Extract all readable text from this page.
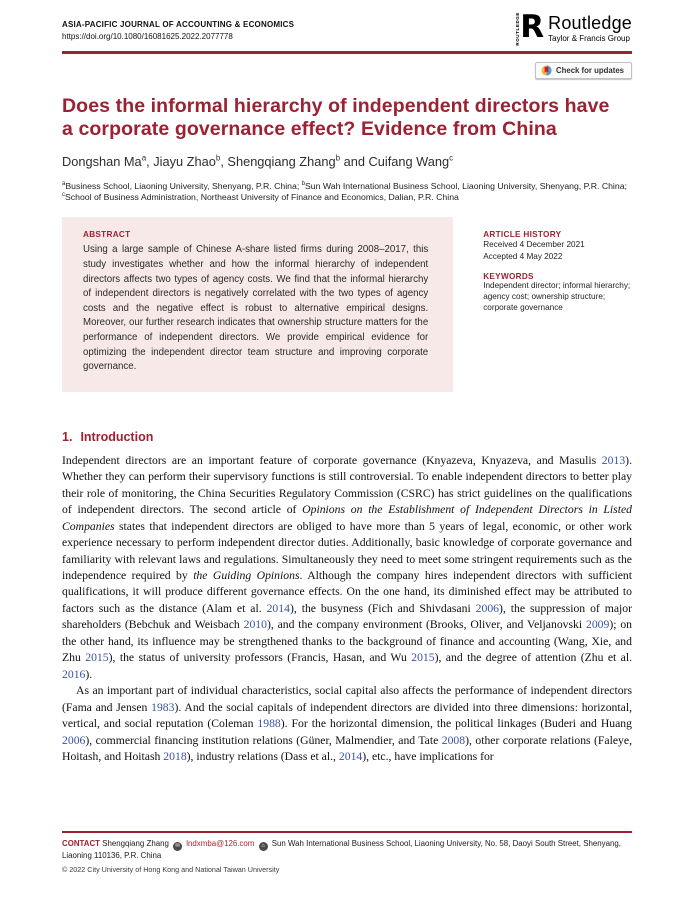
ASIA-PACIFIC JOURNAL OF ACCOUNTING & ECONOMICS
https://doi.org/10.1080/16081625.2022.2077778	ROUTLEDGE R Routledge
Taylor & Francis Group
Check for updates
Does the informal hierarchy of independent directors have
a corporate governance effect? Evidence from China
Dongshan Ma$^a$, Jiayu Zhao$^b$, Shengqiang Zhang$^b$ and Cuifang Wang$^c$
$^a$Business School, Liaoning University, Shenyang, P.R. China; $^b$Sun Wah International Business School, Liaoning University, Shenyang, P.R. China; $^c$School of Business Administration, Northeast University of Finance and Economics, Dalian, P.R. China
ABSTRACT
Using a large sample of Chinese A-share listed firms during 2008–2017, this study investigates whether and how the informal hierarchy of independent directors affects two types of agency costs. We find that the informal hierarchy of independent directors is negatively correlated with the two types of agency costs and the negative effect is robust to alternative empirical designs. Moreover, our further research indicates that ownership structure matters for the performance of independent directors. We provide empirical evidence for optimizing the independent director team structure and improving corporate governance.
ARTICLE HISTORY
Received 4 December 2021
Accepted 4 May 2022
KEYWORDS
Independent director; informal hierarchy; agency cost; ownership structure; corporate governance
1. Introduction

Independent directors are an important feature of corporate governance (Knyazeva, Knyazeva, and Masulis 2013). Whether they can perform their supervisory functions is still controversial. To enable independent directors to better play their role of monitoring, the China Securities Regulatory Commission (CSRC) has strict guidelines on the qualifications of independent directors. The second article of Opinions on the Establishment of Independent Directors in Listed Companies states that independent directors are obliged to have more than 5 years of legal, economic, or other work experience necessary to perform independent director duties. Additionally, basic knowledge of corporate governance and familiarity with relevant laws and regulations. Simultaneously they need to meet some stringent requirements such as the independence required by the Guiding Opinions. Although the company hires independent directors with sufficient qualifications, it will produce different governance effects. On the one hand, its diminished effect may be attributed to factors such as the distance (Alam et al. 2014), the busyness (Fich and Shivdasani 2006), the suppression of major shareholders (Bebchuk and Weisbach 2010), and the company environment (Brooks, Oliver, and Veljanovski 2009); on the other hand, its influence may be strengthened thanks to the background of finance and accounting (Wang, Xie, and Zhu 2015), the status of university professors (Francis, Hasan, and Wu 2015), and the degree of attention (Zhu et al. 2016).

As an important part of individual characteristics, social capital also affects the performance of independent directors (Fama and Jensen 1983). And the social capitals of independent directors are divided into three dimensions: horizontal, vertical, and social reputation (Coleman 1988). For the horizontal dimension, the political linkages (Buderi and Huang 2006), commercial financing institution relations (Güner, Malmendier, and Tate 2008), other corporate relations (Faleye, Hoitash, and Hoitash 2018), industry relations (Dass et al., 2014), etc., have implications for

CONTACT Shengqiang Zhang ✉ lndxmba@126.com ⌂ Sun Wah International Business School, Liaoning University, No. 58, Daoyi South Street, Shenyang, Liaoning 110136, P.R. China
© 2022 City University of Hong Kong and National Taiwan University
